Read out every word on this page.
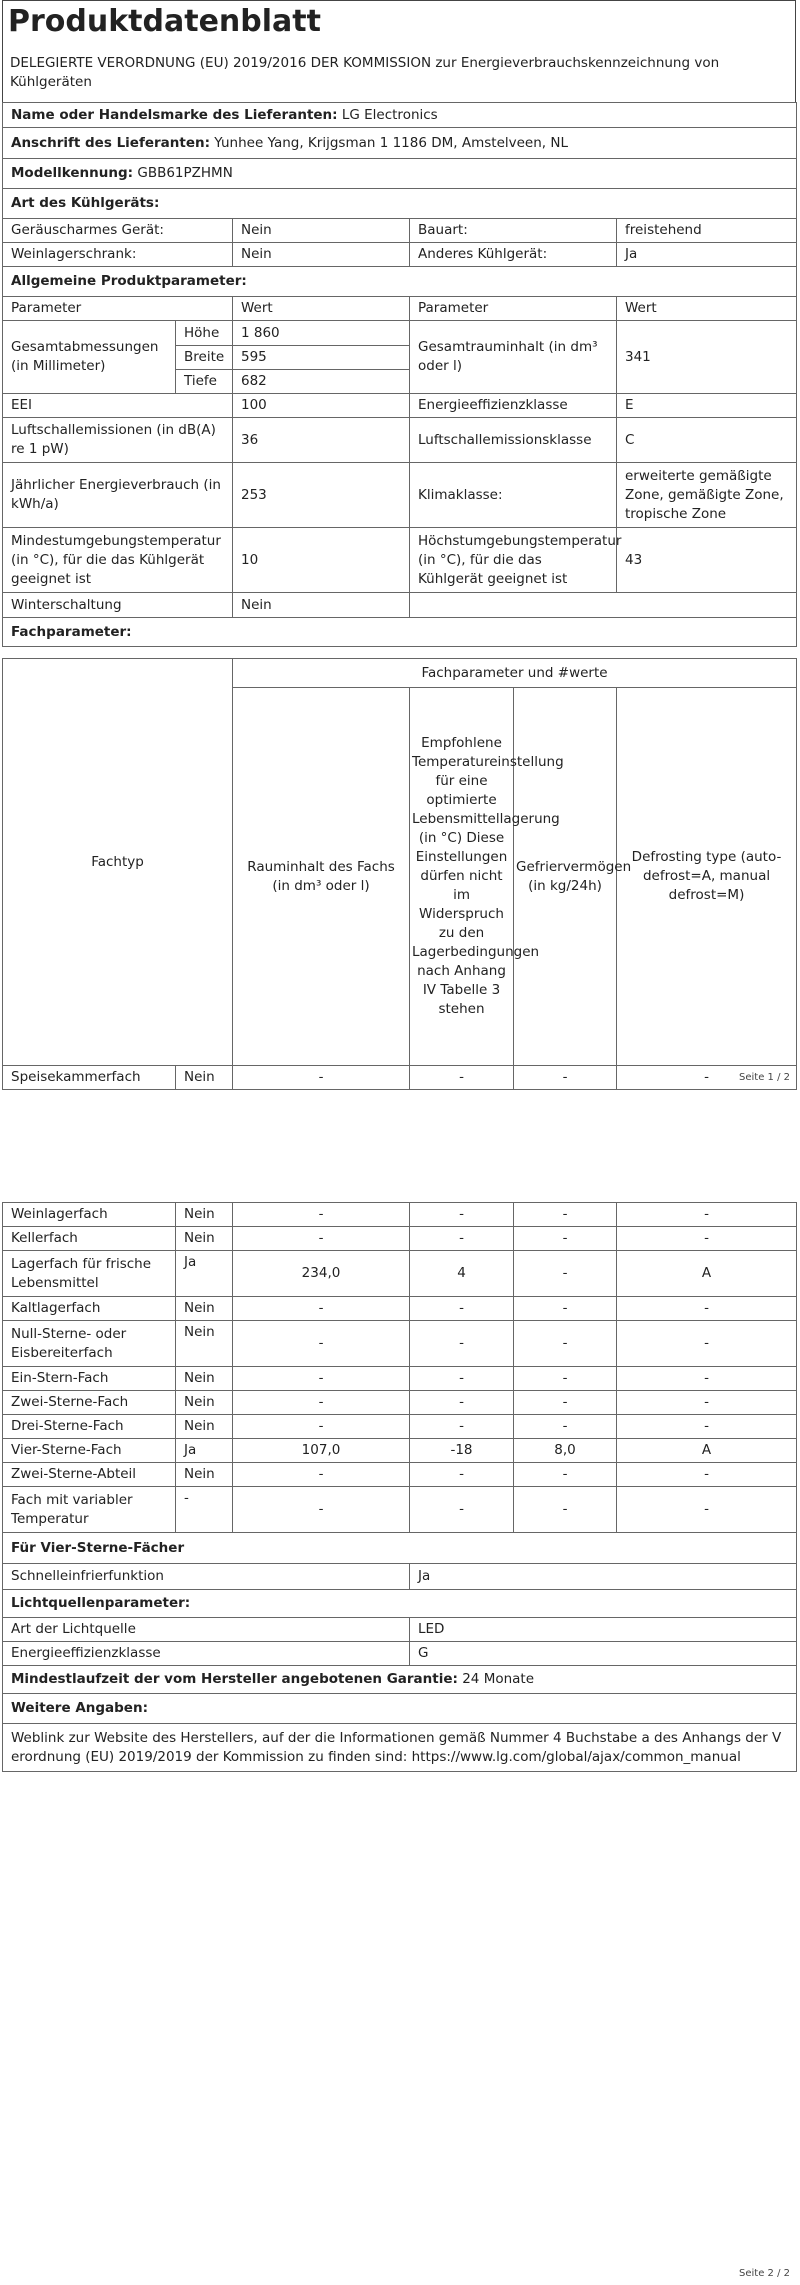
Produktdatenblatt
DELEGIERTE VERORDNUNG (EU) 2019/2016 DER KOMMISSION zur Energieverbrauchskennzeichnung von Kühlgeräten
Name oder Handelsmarke des Lieferanten: LG Electronics				
Anschrift des Lieferanten: Yunhee Yang, Krijgsman 1 1186 DM, Amstelveen, NL				
Modellkennung: GBB61PZHMN				
Art des Kühlgeräts:				
Geräuscharmes Gerät:		Nein	Bauart:	freistehend
Weinlagerschrank:		Nein	Anderes Kühlgerät:	Ja
Allgemeine Produktparameter:				
Parameter		Wert	Parameter	Wert
Gesamtabmessungen (in Millimeter)	Höhe	1 860	Gesamtrauminhalt (in dm³ oder l)	341
	Breite	595		
	Tiefe	682		
EEI		100	Energieeffizienzklasse	E
Luftschallemissionen (in dB(A) re 1 pW)		36	Luftschallemissionsklasse	C
Jährlicher Energieverbrauch (in kWh/a)		253	Klimaklasse:	erweiterte gemäßigte Zone, gemäßigte Zone, tropische Zone
Mindestumgebungstemperatur (in °C), für die das Kühlgerät geeignet ist		10	Höchstumgebungstemperatur (in °C), für die das Kühlgerät geeignet ist	43
Winterschaltung		Nein		
Fachparameter:				
Fachtyp		Fachparameter und #werte			
		Rauminhalt des Fachs (in dm³ oder l)	Empfohlene Temperatureinstellung für eine optimierte Lebensmittellagerung (in °C) Diese Einstellungen dürfen nicht im Widerspruch zu den Lagerbedingungen nach Anhang IV Tabelle 3 stehen	Gefriervermögen (in kg/24h)	Defrosting type (auto-defrost=A, manual defrost=M)
Speisekammerfach	Nein	-	-	-	-	Seite 1 / 2
Weinlagerfach	Nein	-	-	-	-
Kellerfach	Nein	-	-	-	-
Lagerfach für frische Lebensmittel	Ja	234,0	4	-	A
Kaltlagerfach	Nein	-	-	-	-
Null-Sterne- oder Eisbereiterfach	Nein	-	-	-	-
Ein-Stern-Fach	Nein	-	-	-	-
Zwei-Sterne-Fach	Nein	-	-	-	-
Drei-Sterne-Fach	Nein	-	-	-	-
Vier-Sterne-Fach	Ja	107,0	-18	8,0	A
Zwei-Sterne-Abteil	Nein	-	-	-	-
Fach mit variabler Temperatur	-	-	-	-	-
Für Vier-Sterne-Fächer					
Schnelleinfrierfunktion			Ja		
Lichtquellenparameter:					
Art der Lichtquelle			LED		
Energieeffizienzklasse			G		
Mindestlaufzeit der vom Hersteller angebotenen Garantie: 24 Monate					
Weitere Angaben:					
Weblink zur Website des Herstellers, auf der die Informationen gemäß Nummer 4 Buchstabe a des Anhangs der Verordnung (EU) 2019/2019 der Kommission zu finden sind: https://www.lg.com/global/ajax/common_manual					
Seite 2 / 2
